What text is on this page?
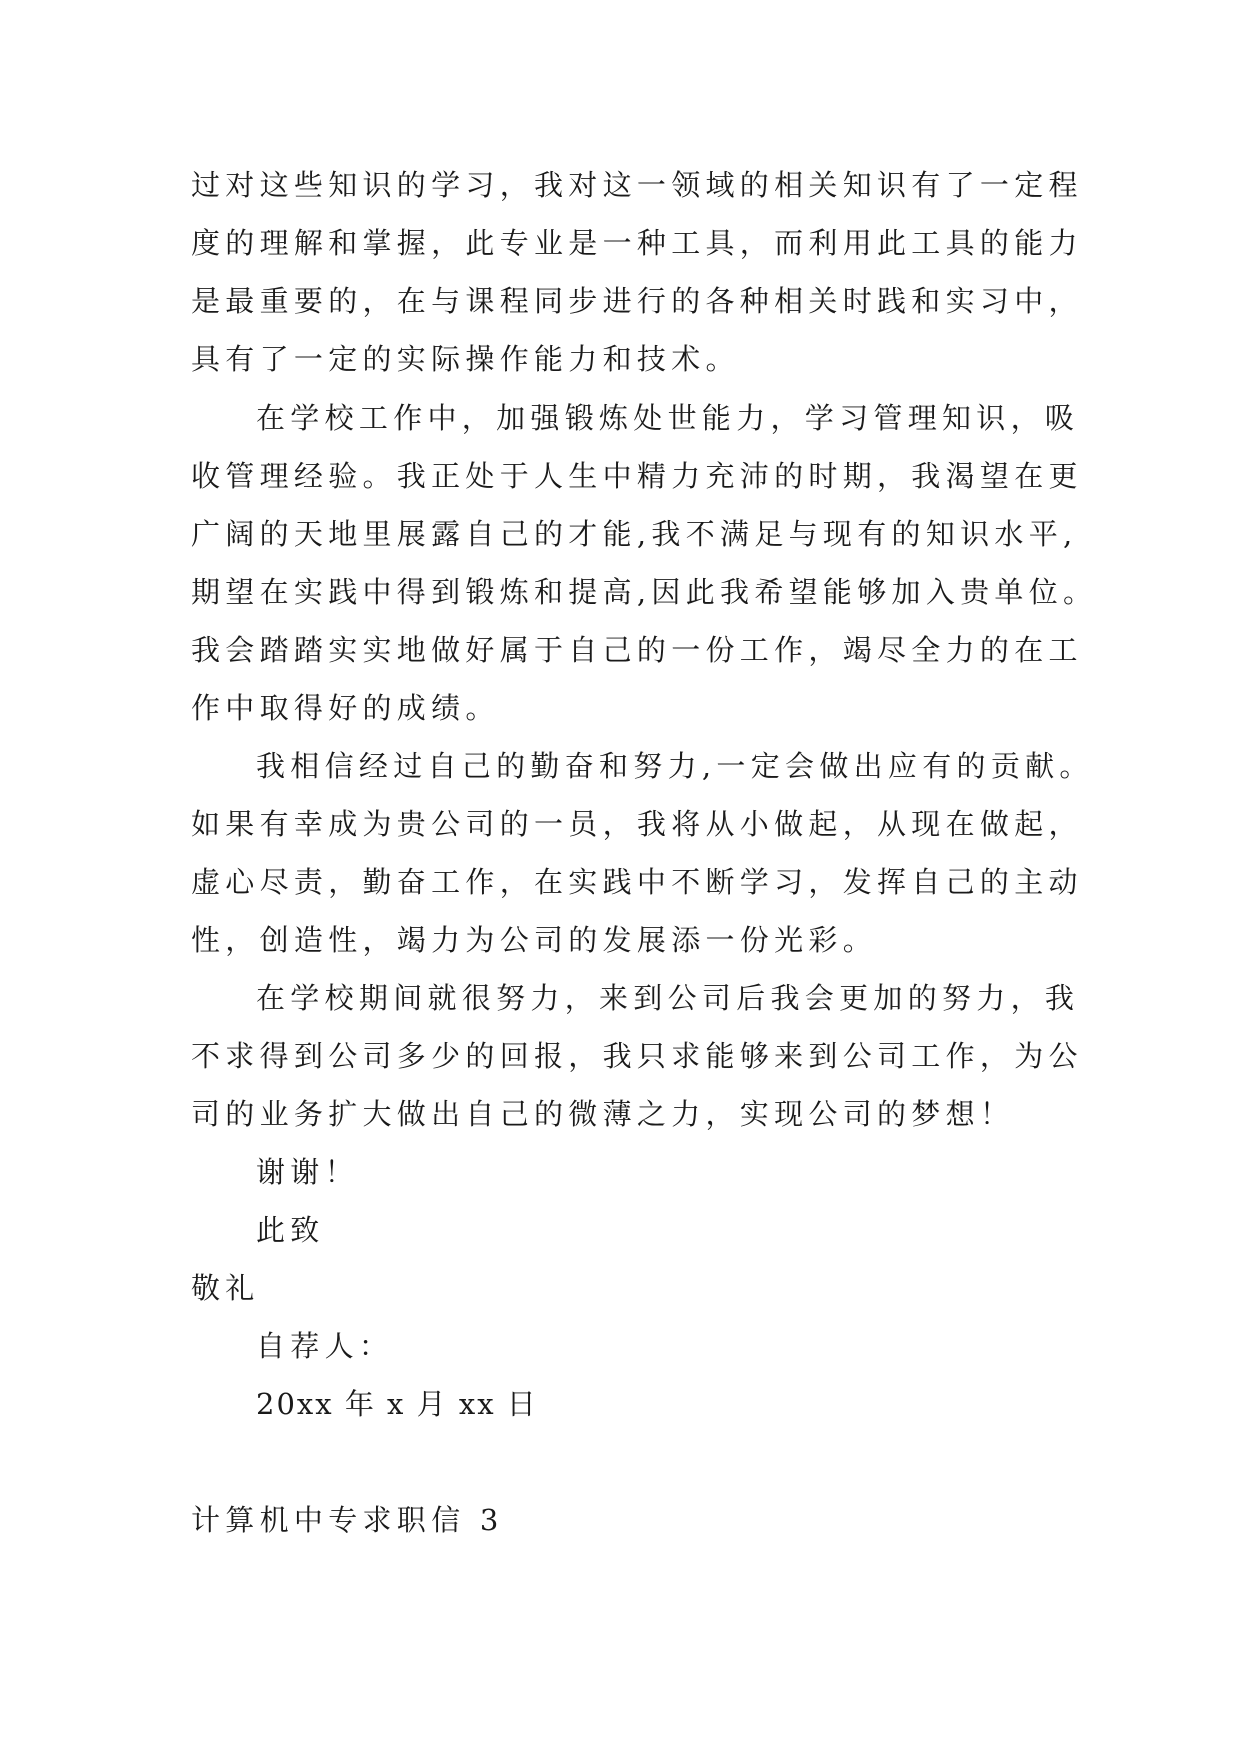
过对这些知识的学习，我对这一领域的相关知识有了一定程
度的理解和掌握，此专业是一种工具，而利用此工具的能力
是最重要的，在与课程同步进行的各种相关时践和实习中，
具有了一定的实际操作能力和技术。
在学校工作中，加强锻炼处世能力，学习管理知识，吸
收管理经验。我正处于人生中精力充沛的时期，我渴望在更
广阔的天地里展露自己的才能,我不满足与现有的知识水平,
期望在实践中得到锻炼和提高,因此我希望能够加入贵单位。
我会踏踏实实地做好属于自己的一份工作，竭尽全力的在工
作中取得好的成绩。
我相信经过自己的勤奋和努力,一定会做出应有的贡献。
如果有幸成为贵公司的一员，我将从小做起，从现在做起，
虚心尽责，勤奋工作，在实践中不断学习，发挥自己的主动
性，创造性，竭力为公司的发展添一份光彩。
在学校期间就很努力，来到公司后我会更加的努力，我
不求得到公司多少的回报，我只求能够来到公司工作，为公
司的业务扩大做出自己的微薄之力，实现公司的梦想！
谢谢！
此致
敬礼
自荐人：
20xx 年 x 月 xx 日
计算机中专求职信 3
